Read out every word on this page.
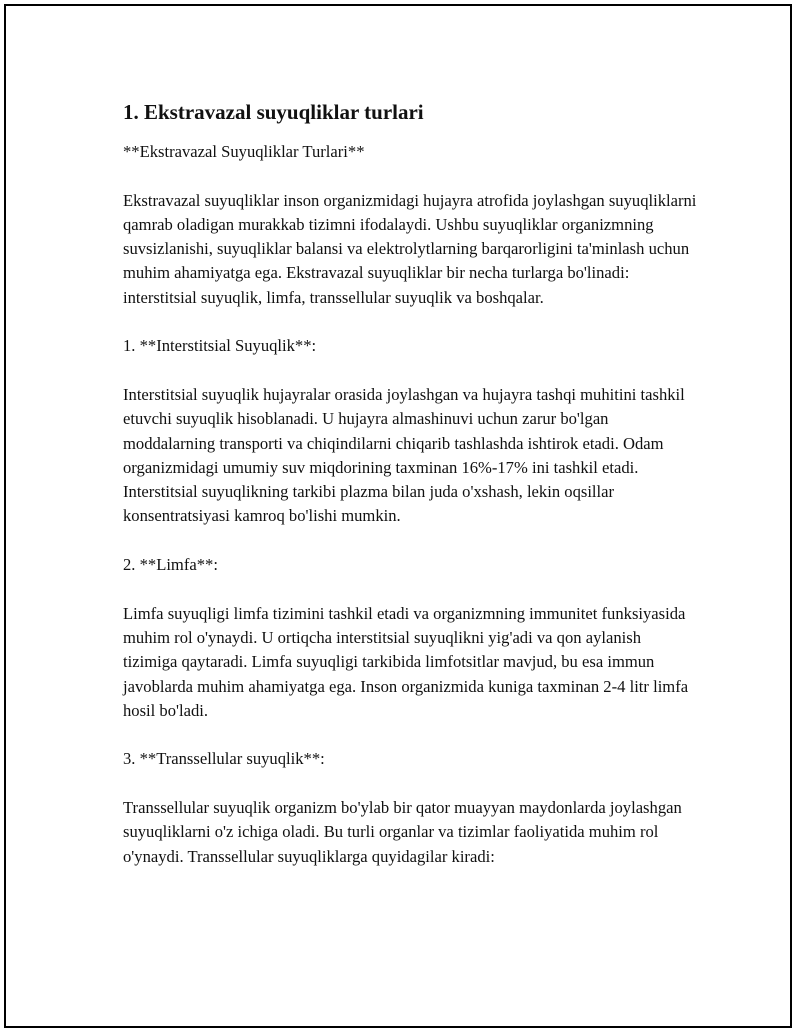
1. Ekstravazal suyuqliklar turlari

**Ekstravazal Suyuqliklar Turlari**

Ekstravazal suyuqliklar inson organizmidagi hujayra atrofida joylashgan suyuqliklarni qamrab oladigan murakkab tizimni ifodalaydi. Ushbu suyuqliklar organizmning suvsizlanishi, suyuqliklar balansi va elektrolytlarning barqarorligini ta'minlash uchun muhim ahamiyatga ega. Ekstravazal suyuqliklar bir necha turlarga bo'linadi: interstitsial suyuqlik, limfa, transsellular suyuqlik va boshqalar.

1. **Interstitsial Suyuqlik**:

Interstitsial suyuqlik hujayralar orasida joylashgan va hujayra tashqi muhitini tashkil etuvchi suyuqlik hisoblanadi. U hujayra almashinuvi uchun zarur bo'lgan moddalarning transporti va chiqindilarni chiqarib tashlashda ishtirok etadi. Odam organizmidagi umumiy suv miqdorining taxminan 16%-17% ini tashkil etadi. Interstitsial suyuqlikning tarkibi plazma bilan juda o'xshash, lekin oqsillar konsentratsiyasi kamroq bo'lishi mumkin.

2. **Limfa**:

Limfa suyuqligi limfa tizimini tashkil etadi va organizmning immunitet funksiyasida muhim rol o'ynaydi. U ortiqcha interstitsial suyuqlikni yig'adi va qon aylanish tizimiga qaytaradi. Limfa suyuqligi tarkibida limfotsitlar mavjud, bu esa immun javoblarda muhim ahamiyatga ega. Inson organizmida kuniga taxminan 2-4 litr limfa hosil bo'ladi.

3. **Transsellular suyuqlik**:

Transsellular suyuqlik organizm bo'ylab bir qator muayyan maydonlarda joylashgan suyuqliklarni o'z ichiga oladi. Bu turli organlar va tizimlar faoliyatida muhim rol o'ynaydi. Transsellular suyuqliklarga quyidagilar kiradi:
